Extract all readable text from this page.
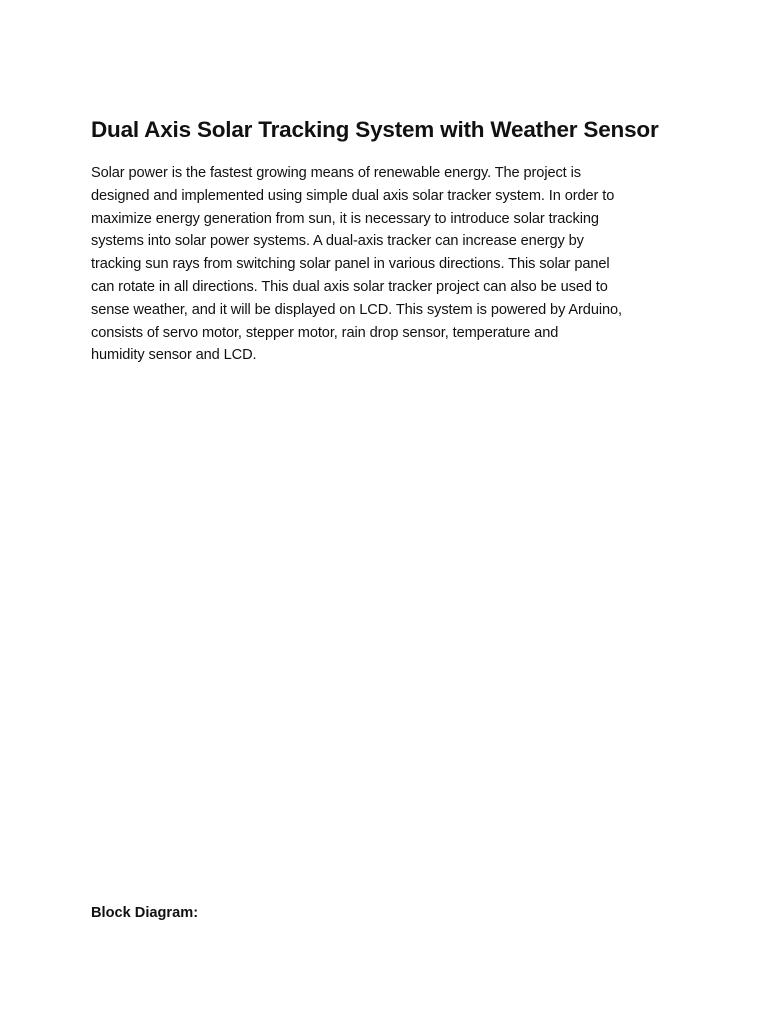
Dual Axis Solar Tracking System with Weather Sensor

Solar power is the fastest growing means of renewable energy. The project is
designed and implemented using simple dual axis solar tracker system. In order to
maximize energy generation from sun, it is necessary to introduce solar tracking
systems into solar power systems. A dual-axis tracker can increase energy by
tracking sun rays from switching solar panel in various directions. This solar panel
can rotate in all directions. This dual axis solar tracker project can also be used to
sense weather, and it will be displayed on LCD. This system is powered by Arduino,
consists of servo motor, stepper motor, rain drop sensor, temperature and
humidity sensor and LCD.

Block Diagram:
